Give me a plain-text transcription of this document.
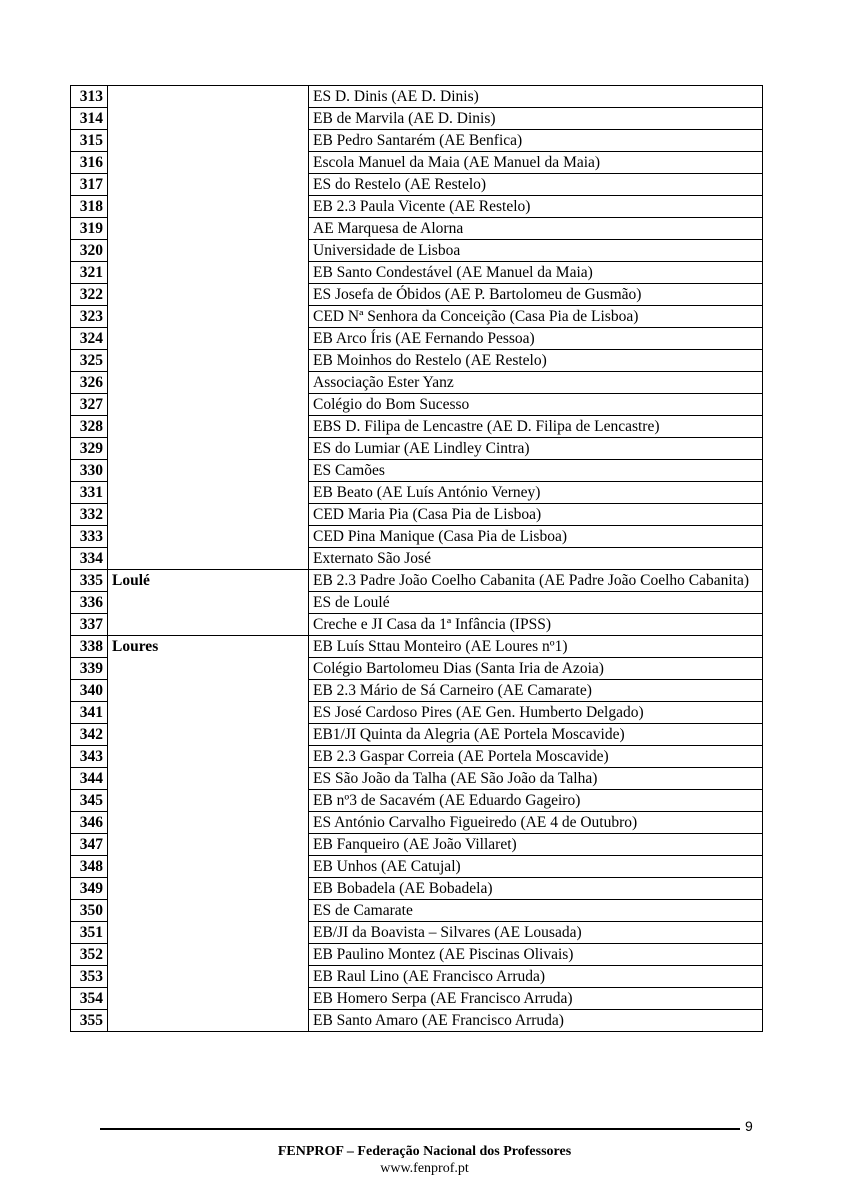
313		ES D. Dinis (AE D. Dinis)
314		EB de Marvila (AE D. Dinis)
315		EB Pedro Santarém (AE Benfica)
316		Escola Manuel da Maia (AE Manuel da Maia)
317		ES do Restelo (AE Restelo)
318		EB 2.3 Paula Vicente (AE Restelo)
319		AE Marquesa de Alorna
320		Universidade de Lisboa
321		EB Santo Condestável (AE Manuel da Maia)
322		ES Josefa de Óbidos (AE P. Bartolomeu de Gusmão)
323		CED Nª Senhora da Conceição (Casa Pia de Lisboa)
324		EB Arco Íris (AE Fernando Pessoa)
325		EB Moinhos do Restelo (AE Restelo)
326		Associação Ester Yanz
327		Colégio do Bom Sucesso
328		EBS D. Filipa de Lencastre (AE D. Filipa de Lencastre)
329		ES do Lumiar (AE Lindley Cintra)
330		ES Camões
331		EB Beato (AE Luís António Verney)
332		CED Maria Pia (Casa Pia de Lisboa)
333		CED Pina Manique (Casa Pia de Lisboa)
334		Externato São José
335	Loulé	EB 2.3 Padre João Coelho Cabanita (AE Padre João Coelho Cabanita)
336		ES de Loulé
337		Creche e JI Casa da 1ª Infância (IPSS)
338	Loures	EB Luís Sttau Monteiro (AE Loures nº1)
339		Colégio Bartolomeu Dias (Santa Iria de Azoia)
340		EB 2.3 Mário de Sá Carneiro (AE Camarate)
341		ES José Cardoso Pires (AE Gen. Humberto Delgado)
342		EB1/JI Quinta da Alegria (AE Portela Moscavide)
343		EB 2.3 Gaspar Correia (AE Portela Moscavide)
344		ES São João da Talha (AE São João da Talha)
345		EB nº3 de Sacavém (AE Eduardo Gageiro)
346		ES António Carvalho Figueiredo (AE 4 de Outubro)
347		EB Fanqueiro (AE João Villaret)
348		EB Unhos (AE Catujal)
349		EB Bobadela (AE Bobadela)
350		ES de Camarate
351		EB/JI da Boavista – Silvares (AE Lousada)
352		EB Paulino Montez (AE Piscinas Olivais)
353		EB Raul Lino (AE Francisco Arruda)
354		EB Homero Serpa (AE Francisco Arruda)
355		EB Santo Amaro (AE Francisco Arruda)
9
FENPROF – Federação Nacional dos Professores
www.fenprof.pt
